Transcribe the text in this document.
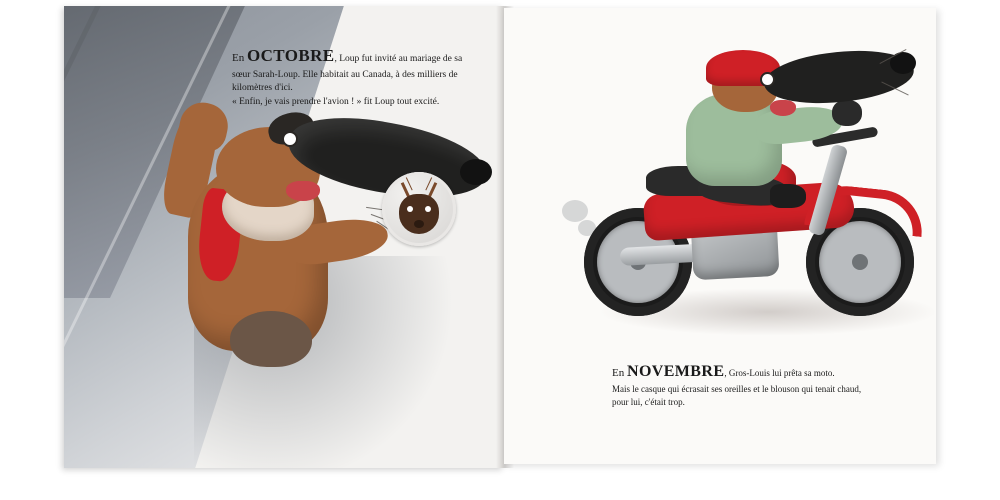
En OCTOBRE, Loup fut invité au mariage de sa sœur Sarah-Loup. Elle habitait au Canada, à des milliers de kilomètres d'ici.

« Enfin, je vais prendre l'avion ! » fit Loup tout excité.

En NOVEMBRE, Gros-Louis lui prêta sa moto.

Mais le casque qui écrasait ses oreilles et le blouson qui tenait chaud,

pour lui, c'était trop.
